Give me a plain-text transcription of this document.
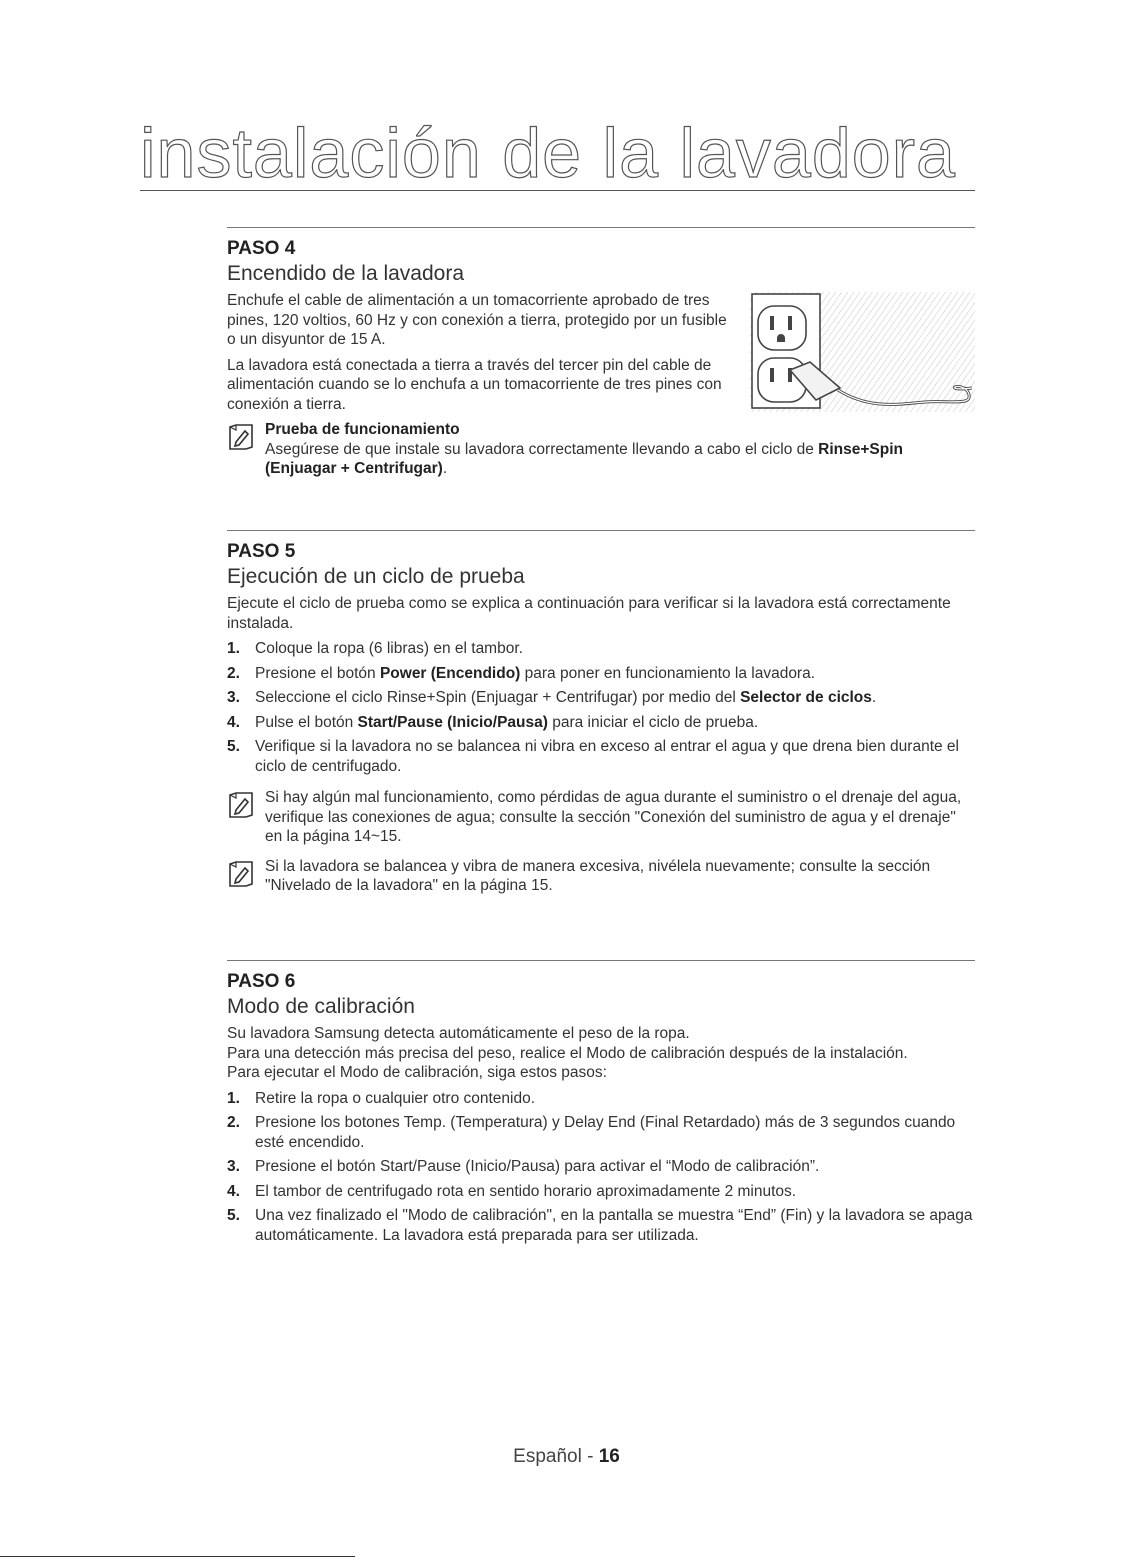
instalación de la lavadora
PASO 4
Encendido de la lavadora

Enchufe el cable de alimentación a un tomacorriente aprobado de tres pines, 120 voltios, 60 Hz y con conexión a tierra, protegido por un fusible o un disyuntor de 15 A.

La lavadora está conectada a tierra a través del tercer pin del cable de alimentación cuando se lo enchufa a un tomacorriente de tres pines con conexión a tierra.

Prueba de funcionamiento
Asegúrese de que instale su lavadora correctamente llevando a cabo el ciclo de Rinse+Spin (Enjuagar + Centrifugar).
PASO 5
Ejecución de un ciclo de prueba

Ejecute el ciclo de prueba como se explica a continuación para verificar si la lavadora está correctamente instalada.

1. Coloque la ropa (6 libras) en el tambor.
2. Presione el botón Power (Encendido) para poner en funcionamiento la lavadora.
3. Seleccione el ciclo Rinse+Spin (Enjuagar + Centrifugar) por medio del Selector de ciclos.
4. Pulse el botón Start/Pause (Inicio/Pausa) para iniciar el ciclo de prueba.
5. Verifique si la lavadora no se balancea ni vibra en exceso al entrar el agua y que drena bien durante el ciclo de centrifugado.
Si hay algún mal funcionamiento, como pérdidas de agua durante el suministro o el drenaje del agua, verifique las conexiones de agua; consulte la sección "Conexión del suministro de agua y el drenaje" en la página 14~15.
Si la lavadora se balancea y vibra de manera excesiva, nivélela nuevamente; consulte la sección "Nivelado de la lavadora" en la página 15.
PASO 6
Modo de calibración

Su lavadora Samsung detecta automáticamente el peso de la ropa.

Para una detección más precisa del peso, realice el Modo de calibración después de la instalación.

Para ejecutar el Modo de calibración, siga estos pasos:

1. Retire la ropa o cualquier otro contenido.
2. Presione los botones Temp. (Temperatura) y Delay End (Final Retardado) más de 3 segundos cuando esté encendido.
3. Presione el botón Start/Pause (Inicio/Pausa) para activar el “Modo de calibración”.
4. El tambor de centrifugado rota en sentido horario aproximadamente 2 minutos.
5. Una vez finalizado el "Modo de calibración", en la pantalla se muestra “End” (Fin) y la lavadora se apaga automáticamente. La lavadora está preparada para ser utilizada.
Español - 16
